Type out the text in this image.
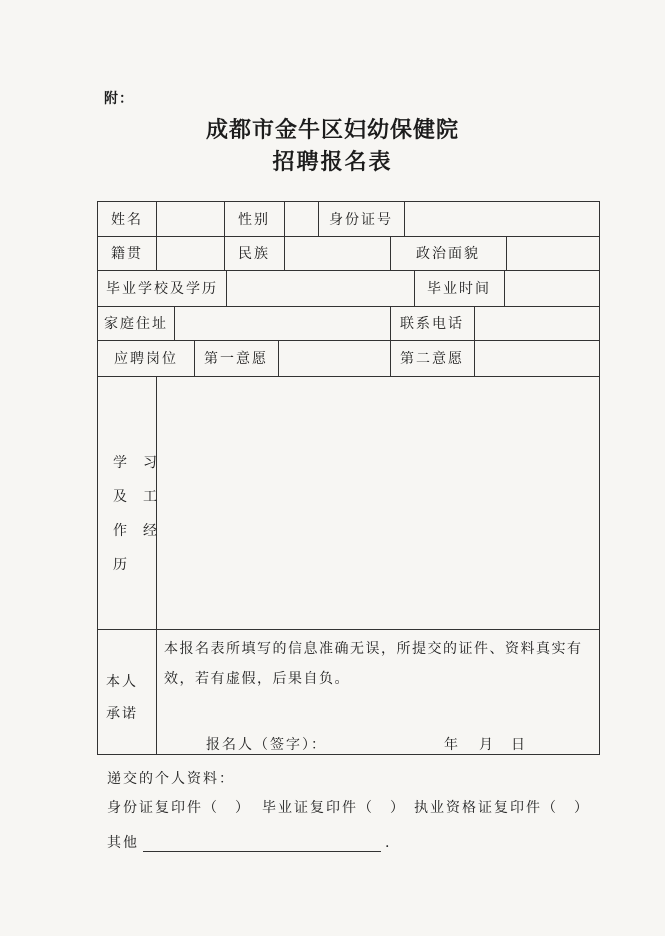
附：
成都市金牛区妇幼保健院
招聘报名表
姓名	性别	身份证号
籍贯	民族	政治面貌
毕业学校及学历	毕业时间
家庭住址	联系电话
应聘岗位	第一意愿	第二意愿
学 习
及 工
作 经
历
本人
承诺
本报名表所填写的信息准确无误，所提交的证件、资料真实有效，若有虚假，后果自负。
报名人（签字）：	年 月 日
递交的个人资料：
身份证复印件（　） 毕业证复印件（　） 执业资格证复印件（　）
其他	.
